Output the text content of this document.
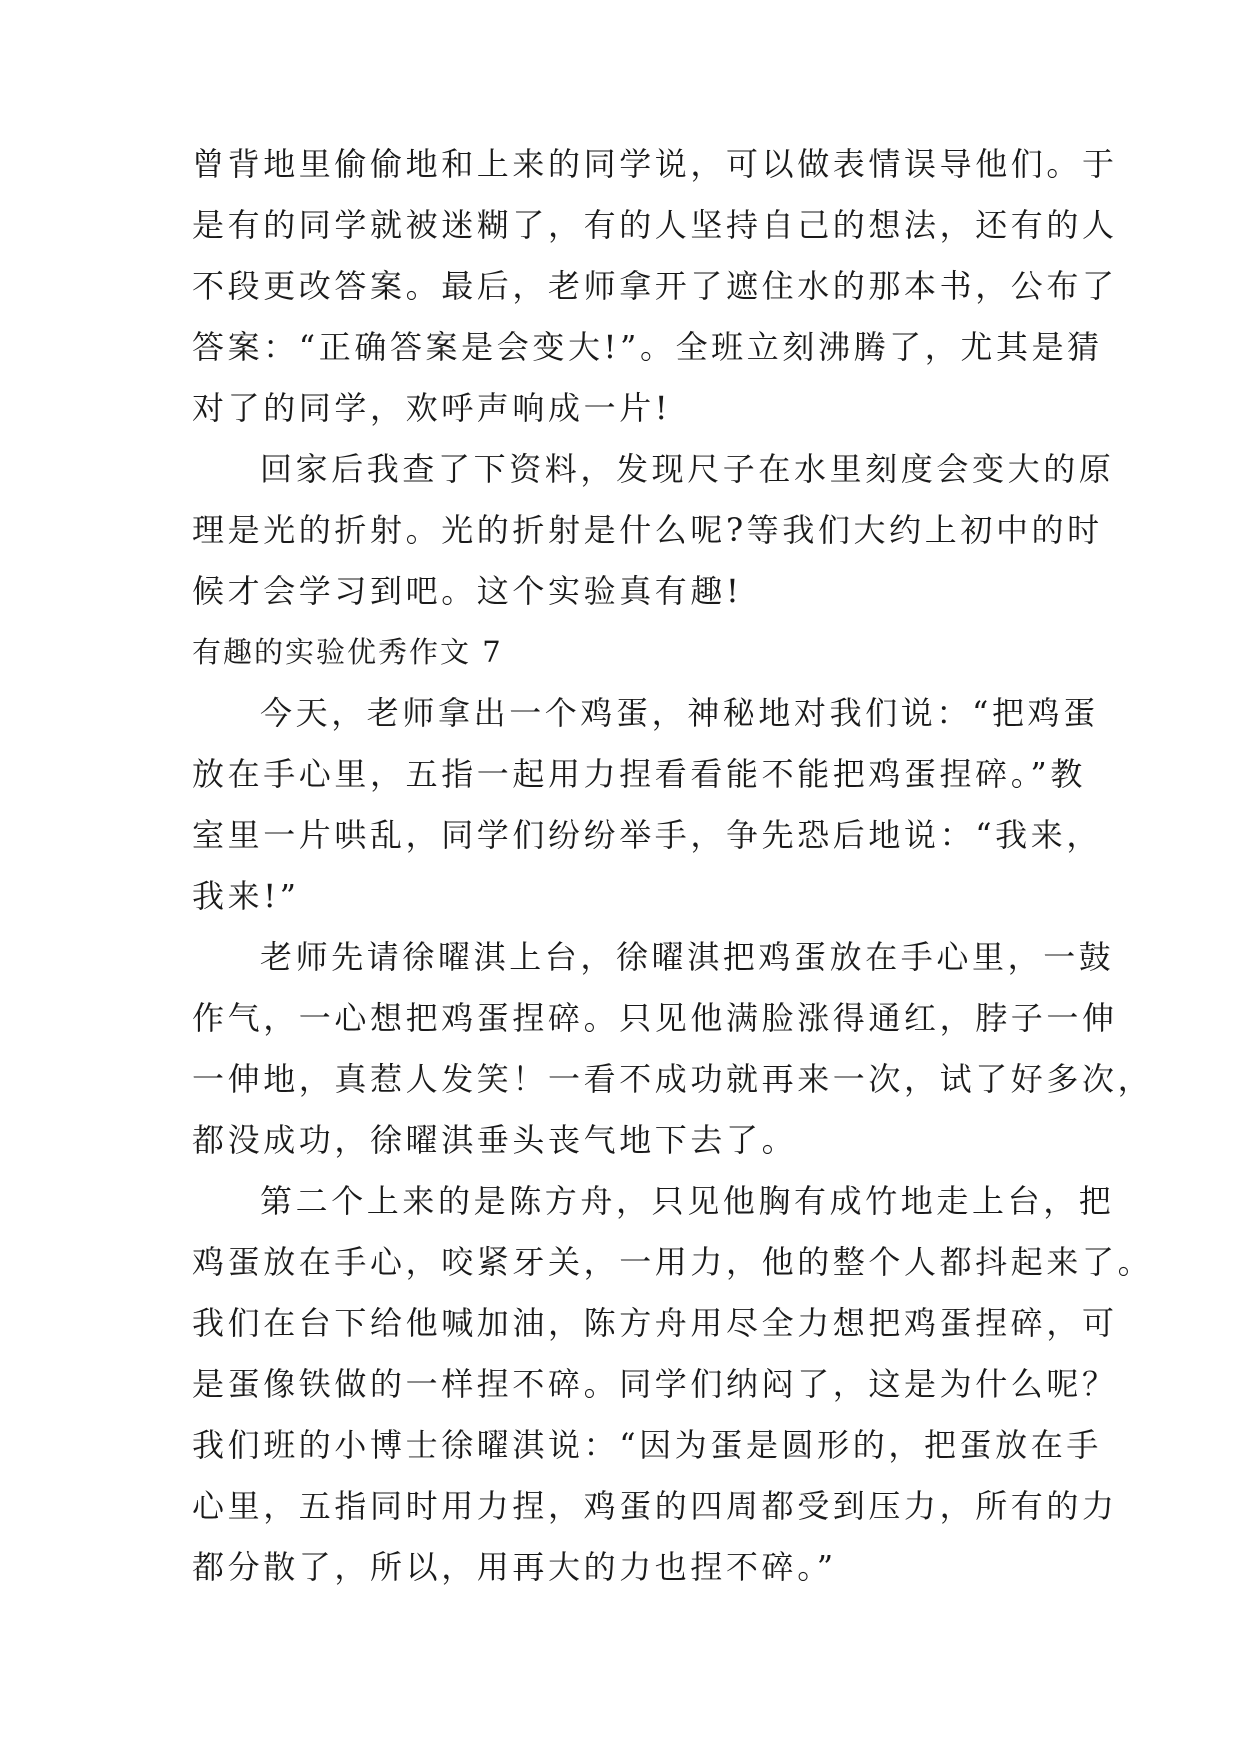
曾背地里偷偷地和上来的同学说，可以做表情误导他们。于
是有的同学就被迷糊了，有的人坚持自己的想法，还有的人
不段更改答案。最后，老师拿开了遮住水的那本书，公布了
答案：“正确答案是会变大!”。全班立刻沸腾了，尤其是猜
对了的同学，欢呼声响成一片!
回家后我查了下资料，发现尺子在水里刻度会变大的原
理是光的折射。光的折射是什么呢?等我们大约上初中的时
候才会学习到吧。这个实验真有趣!
有趣的实验优秀作文 7
今天，老师拿出一个鸡蛋，神秘地对我们说：“把鸡蛋
放在手心里，五指一起用力捏看看能不能把鸡蛋捏碎。”教
室里一片哄乱，同学们纷纷举手，争先恐后地说：“我来，
我来!”
老师先请徐曜淇上台，徐曜淇把鸡蛋放在手心里，一鼓
作气，一心想把鸡蛋捏碎。只见他满脸涨得通红，脖子一伸
一伸地，真惹人发笑！一看不成功就再来一次，试了好多次，
都没成功，徐曜淇垂头丧气地下去了。
第二个上来的是陈方舟，只见他胸有成竹地走上台，把
鸡蛋放在手心，咬紧牙关，一用力，他的整个人都抖起来了。
我们在台下给他喊加油，陈方舟用尽全力想把鸡蛋捏碎，可
是蛋像铁做的一样捏不碎。同学们纳闷了，这是为什么呢？
我们班的小博士徐曜淇说：“因为蛋是圆形的，把蛋放在手
心里，五指同时用力捏，鸡蛋的四周都受到压力，所有的力
都分散了，所以，用再大的力也捏不碎。”
